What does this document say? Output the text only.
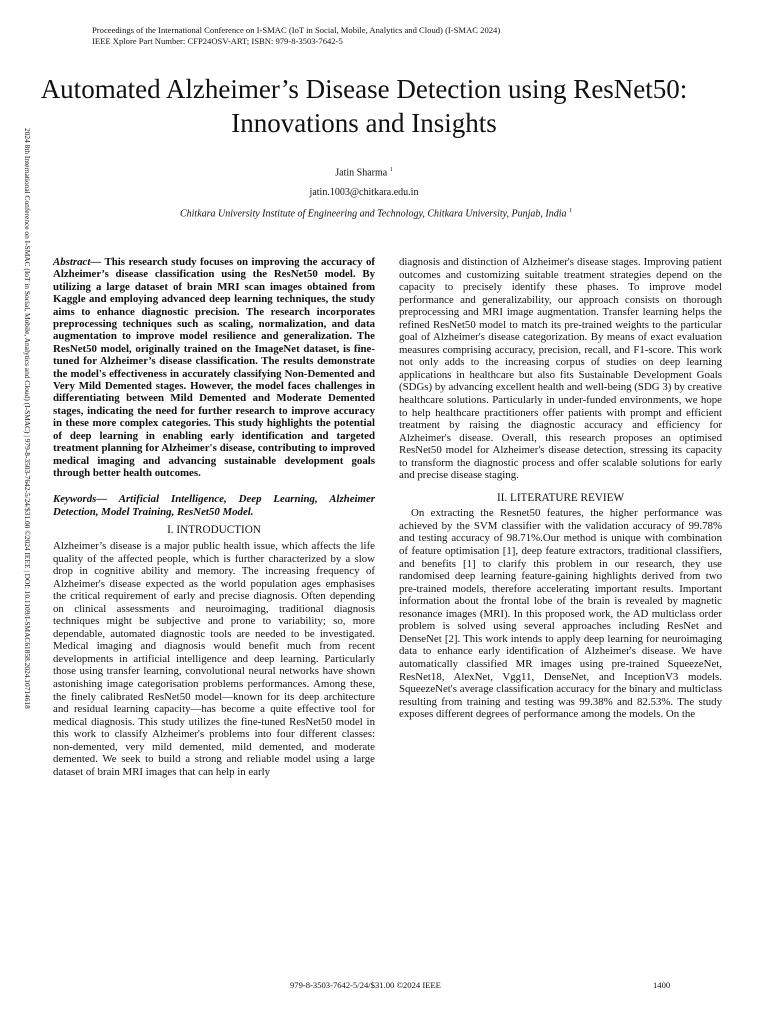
Proceedings of the International Conference on I-SMAC (IoT in Social, Mobile, Analytics and Cloud) (I-SMAC 2024)
IEEE Xplore Part Number: CFP24OSV-ART; ISBN: 979-8-3503-7642-5
2024 8th International Conference on I-SMAC (IoT in Social, Mobile, Analytics and Cloud) (I-SMAC) | 979-8-3503-7642-5/24/$31.00 ©2024 IEEE | DOI: 10.1109/I-SMAC61858.2024.10714618
Automated Alzheimer’s Disease Detection using ResNet50:
Innovations and Insights
Jatin Sharma $^1$
jatin.1003@chitkara.edu.in
Chitkara University Institute of Engineering and Technology, Chitkara University, Punjab, India $^1$

Abstract— This research study focuses on improving the accuracy of Alzheimer’s disease classification using the ResNet50 model. By utilizing a large dataset of brain MRI scan images obtained from Kaggle and employing advanced deep learning techniques, the study aims to enhance diagnostic precision. The research incorporates preprocessing techniques such as scaling, normalization, and data augmentation to improve model resilience and generalization. The ResNet50 model, originally trained on the ImageNet dataset, is fine-tuned for Alzheimer’s disease classification. The results demonstrate the model's effectiveness in accurately classifying Non-Demented and Very Mild Demented stages. However, the model faces challenges in differentiating between Mild Demented and Moderate Demented stages, indicating the need for further research to improve accuracy in these more complex categories. This study highlights the potential of deep learning in enabling early identification and targeted treatment planning for Alzheimer's disease, contributing to improved medical imaging and advancing sustainable development goals through better health outcomes.

Keywords— Artificial Intelligence, Deep Learning, Alzheimer Detection, Model Training, ResNet50 Model.

I. INTRODUCTION

Alzheimer’s disease is a major public health issue, which affects the life quality of the affected people, which is further characterized by a slow drop in cognitive ability and memory. The increasing frequency of Alzheimer's disease expected as the world population ages emphasises the critical requirement of early and precise diagnosis. Often depending on clinical assessments and neuroimaging, traditional diagnosis techniques might be subjective and prone to variability; so, more dependable, automated diagnostic tools are needed to be investigated. Medical imaging and diagnosis would benefit much from recent developments in artificial intelligence and deep learning. Particularly those using transfer learning, convolutional neural networks have shown astonishing image categorisation problems performances. Among these, the finely calibrated ResNet50 model—known for its deep architecture and residual learning capacity—has become a quite effective tool for medical diagnosis. This study utilizes the fine-tuned ResNet50 model in this work to classify Alzheimer's problems into four different classes: non-demented, very mild demented, mild demented, and moderate demented. We seek to build a strong and reliable model using a large dataset of brain MRI images that can help in early

diagnosis and distinction of Alzheimer's disease stages. Improving patient outcomes and customizing suitable treatment strategies depend on the capacity to precisely identify these phases. To improve model performance and generalizability, our approach consists on thorough preprocessing and MRI image augmentation. Transfer learning helps the refined ResNet50 model to match its pre-trained weights to the particular goal of Alzheimer's disease categorization. By means of exact evaluation measures comprising accuracy, precision, recall, and F1-score. This work not only adds to the increasing corpus of studies on deep learning applications in healthcare but also fits Sustainable Development Goals (SDGs) by advancing excellent health and well-being (SDG 3) by creative healthcare solutions. Particularly in under-funded environments, we hope to help healthcare practitioners offer patients with prompt and efficient treatment by raising the diagnostic accuracy and efficiency for Alzheimer's disease. Overall, this research proposes an optimised ResNet50 model for Alzheimer's disease detection, stressing its capacity to transform the diagnostic process and offer scalable solutions for early and precise disease staging.

II. LITERATURE REVIEW

On extracting the Resnet50 features, the higher performance was achieved by the SVM classifier with the validation accuracy of 99.78% and testing accuracy of 98.71%.Our method is unique with combination of feature optimisation [1], deep feature extractors, traditional classifiers, and benefits [1] to clarify this problem in our research, they use randomised deep learning feature-gaining highlights derived from two pre-trained models, therefore accelerating important results. Important information about the frontal lobe of the brain is revealed by magnetic resonance images (MRI). In this proposed work, the AD multiclass order problem is solved using several approaches including ResNet and DenseNet [2]. This work intends to apply deep learning for neuroimaging data to enhance early identification of Alzheimer's disease. We have automatically classified MR images using pre-trained SqueezeNet, ResNet18, AlexNet, Vgg11, DenseNet, and InceptionV3 models. SqueezeNet's average classification accuracy for the binary and multiclass resulting from training and testing was 99.38% and 82.53%. The study exposes different degrees of performance among the models. On the

979-8-3503-7642-5/24/$31.00 ©2024 IEEE	1400
